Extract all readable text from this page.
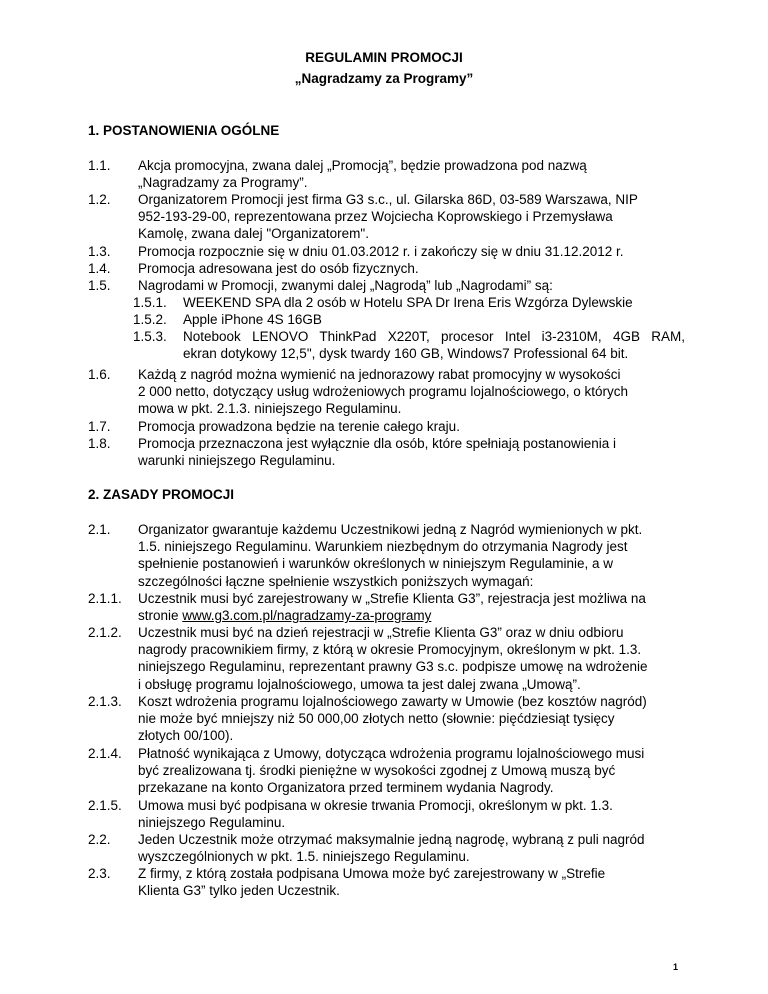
REGULAMIN PROMOCJI
„Nagradzamy za Programy”
1. POSTANOWIENIA OGÓLNE
1.1. Akcja promocyjna, zwana dalej „Promocją”, będzie prowadzona pod nazwą
„Nagradzamy za Programy”.
1.2. Organizatorem Promocji jest firma G3 s.c., ul. Gilarska 86D, 03-589 Warszawa, NIP
952-193-29-00, reprezentowana przez Wojciecha Koprowskiego i Przemysława
Kamolę, zwana dalej "Organizatorem".
1.3. Promocja rozpocznie się w dniu 01.03.2012 r. i zakończy się w dniu 31.12.2012 r.
1.4. Promocja adresowana jest do osób fizycznych.
1.5. Nagrodami w Promocji, zwanymi dalej „Nagrodą” lub „Nagrodami” są:
1.5.1. WEEKEND SPA dla 2 osób w Hotelu SPA Dr Irena Eris Wzgórza Dylewskie
1.5.2. Apple iPhone 4S 16GB
1.5.3. Notebook LENOVO ThinkPad X220T, procesor Intel i3-2310M, 4GB RAM,
ekran dotykowy 12,5", dysk twardy 160 GB, Windows7 Professional 64 bit.
1.6. Każdą z nagród można wymienić na jednorazowy rabat promocyjny w wysokości
2 000 netto, dotyczący usług wdrożeniowych programu lojalnościowego, o których
mowa w pkt. 2.1.3. niniejszego Regulaminu.
1.7. Promocja prowadzona będzie na terenie całego kraju.
1.8. Promocja przeznaczona jest wyłącznie dla osób, które spełniają postanowienia i
warunki niniejszego Regulaminu.
2. ZASADY PROMOCJI
2.1. Organizator gwarantuje każdemu Uczestnikowi jedną z Nagród wymienionych w pkt.
1.5. niniejszego Regulaminu. Warunkiem niezbędnym do otrzymania Nagrody jest
spełnienie postanowień i warunków określonych w niniejszym Regulaminie, a w
szczególności łączne spełnienie wszystkich poniższych wymagań:
2.1.1. Uczestnik musi być zarejestrowany w „Strefie Klienta G3”, rejestracja jest możliwa na
stronie www.g3.com.pl/nagradzamy-za-programy
2.1.2. Uczestnik musi być na dzień rejestracji w „Strefie Klienta G3” oraz w dniu odbioru
nagrody pracownikiem firmy, z którą w okresie Promocyjnym, określonym w pkt. 1.3.
niniejszego Regulaminu, reprezentant prawny G3 s.c. podpisze umowę na wdrożenie
i obsługę programu lojalnościowego, umowa ta jest dalej zwana „Umową”.
2.1.3. Koszt wdrożenia programu lojalnościowego zawarty w Umowie (bez kosztów nagród)
nie może być mniejszy niż 50 000,00 złotych netto (słownie: pięćdziesiąt tysięcy
złotych 00/100).
2.1.4. Płatność wynikająca z Umowy, dotycząca wdrożenia programu lojalnościowego musi
być zrealizowana tj. środki pieniężne w wysokości zgodnej z Umową muszą być
przekazane na konto Organizatora przed terminem wydania Nagrody.
2.1.5. Umowa musi być podpisana w okresie trwania Promocji, określonym w pkt. 1.3.
niniejszego Regulaminu.
2.2. Jeden Uczestnik może otrzymać maksymalnie jedną nagrodę, wybraną z puli nagród
wyszczególnionych w pkt. 1.5. niniejszego Regulaminu.
2.3. Z firmy, z którą została podpisana Umowa może być zarejestrowany w „Strefie
Klienta G3” tylko jeden Uczestnik.
1
